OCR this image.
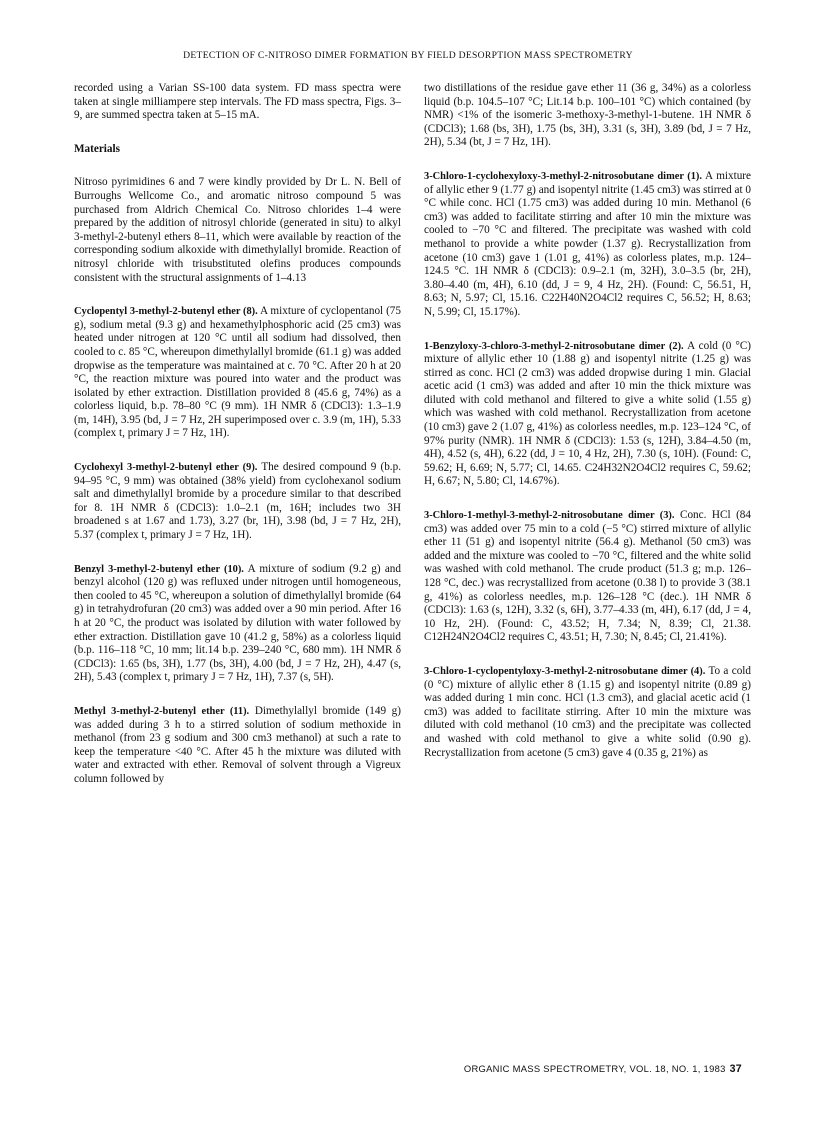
DETECTION OF C-NITROSO DIMER FORMATION BY FIELD DESORPTION MASS SPECTROMETRY

recorded using a Varian SS-100 data system. FD mass spectra were taken at single milliampere step intervals. The FD mass spectra, Figs. 3–9, are summed spectra taken at 5–15 mA.

Materials

Nitroso pyrimidines 6 and 7 were kindly provided by Dr L. N. Bell of Burroughs Wellcome Co., and aromatic nitroso compound 5 was purchased from Aldrich Chemical Co. Nitroso chlorides 1–4 were prepared by the addition of nitrosyl chloride (generated in situ) to alkyl 3-methyl-2-butenyl ethers 8–11, which were available by reaction of the corresponding sodium alkoxide with dimethylallyl bromide. Reaction of nitrosyl chloride with trisubstituted olefins produces compounds consistent with the structural assignments of 1–4.13

Cyclopentyl 3-methyl-2-butenyl ether (8). A mixture of cyclopentanol (75 g), sodium metal (9.3 g) and hexamethylphosphoric acid (25 cm3) was heated under nitrogen at 120 °C until all sodium had dissolved, then cooled to c. 85 °C, whereupon dimethylallyl bromide (61.1 g) was added dropwise as the temperature was maintained at c. 70 °C. After 20 h at 20 °C, the reaction mixture was poured into water and the product was isolated by ether extraction. Distillation provided 8 (45.6 g, 74%) as a colorless liquid, b.p. 78–80 °C (9 mm). 1H NMR δ (CDCl3): 1.3–1.9 (m, 14H), 3.95 (bd, J = 7 Hz, 2H superimposed over c. 3.9 (m, 1H), 5.33 (complex t, primary J = 7 Hz, 1H).

Cyclohexyl 3-methyl-2-butenyl ether (9). The desired compound 9 (b.p. 94–95 °C, 9 mm) was obtained (38% yield) from cyclohexanol sodium salt and dimethylallyl bromide by a procedure similar to that described for 8. 1H NMR δ (CDCl3): 1.0–2.1 (m, 16H; includes two 3H broadened s at 1.67 and 1.73), 3.27 (br, 1H), 3.98 (bd, J = 7 Hz, 2H), 5.37 (complex t, primary J = 7 Hz, 1H).

Benzyl 3-methyl-2-butenyl ether (10). A mixture of sodium (9.2 g) and benzyl alcohol (120 g) was refluxed under nitrogen until homogeneous, then cooled to 45 °C, whereupon a solution of dimethylallyl bromide (64 g) in tetrahydrofuran (20 cm3) was added over a 90 min period. After 16 h at 20 °C, the product was isolated by dilution with water followed by ether extraction. Distillation gave 10 (41.2 g, 58%) as a colorless liquid (b.p. 116–118 °C, 10 mm; lit.14 b.p. 239–240 °C, 680 mm). 1H NMR δ (CDCl3): 1.65 (bs, 3H), 1.77 (bs, 3H), 4.00 (bd, J = 7 Hz, 2H), 4.47 (s, 2H), 5.43 (complex t, primary J = 7 Hz, 1H), 7.37 (s, 5H).

Methyl 3-methyl-2-butenyl ether (11). Dimethylallyl bromide (149 g) was added during 3 h to a stirred solution of sodium methoxide in methanol (from 23 g sodium and 300 cm3 methanol) at such a rate to keep the temperature <40 °C. After 45 h the mixture was diluted with water and extracted with ether. Removal of solvent through a Vigreux column followed by

two distillations of the residue gave ether 11 (36 g, 34%) as a colorless liquid (b.p. 104.5–107 °C; Lit.14 b.p. 100–101 °C) which contained (by NMR) <1% of the isomeric 3-methoxy-3-methyl-1-butene. 1H NMR δ (CDCl3); 1.68 (bs, 3H), 1.75 (bs, 3H), 3.31 (s, 3H), 3.89 (bd, J = 7 Hz, 2H), 5.34 (bt, J = 7 Hz, 1H).

3-Chloro-1-cyclohexyloxy-3-methyl-2-nitrosobutane dimer (1). A mixture of allylic ether 9 (1.77 g) and isopentyl nitrite (1.45 cm3) was stirred at 0 °C while conc. HCl (1.75 cm3) was added during 10 min. Methanol (6 cm3) was added to facilitate stirring and after 10 min the mixture was cooled to −70 °C and filtered. The precipitate was washed with cold methanol to provide a white powder (1.37 g). Recrystallization from acetone (10 cm3) gave 1 (1.01 g, 41%) as colorless plates, m.p. 124–124.5 °C. 1H NMR δ (CDCl3): 0.9–2.1 (m, 32H), 3.0–3.5 (br, 2H), 3.80–4.40 (m, 4H), 6.10 (dd, J = 9, 4 Hz, 2H). (Found: C, 56.51, H, 8.63; N, 5.97; Cl, 15.16. C22H40N2O4Cl2 requires C, 56.52; H, 8.63; N, 5.99; Cl, 15.17%).

1-Benzyloxy-3-chloro-3-methyl-2-nitrosobutane dimer (2). A cold (0 °C) mixture of allylic ether 10 (1.88 g) and isopentyl nitrite (1.25 g) was stirred as conc. HCl (2 cm3) was added dropwise during 1 min. Glacial acetic acid (1 cm3) was added and after 10 min the thick mixture was diluted with cold methanol and filtered to give a white solid (1.55 g) which was washed with cold methanol. Recrystallization from acetone (10 cm3) gave 2 (1.07 g, 41%) as colorless needles, m.p. 123–124 °C, of 97% purity (NMR). 1H NMR δ (CDCl3): 1.53 (s, 12H), 3.84–4.50 (m, 4H), 4.52 (s, 4H), 6.22 (dd, J = 10, 4 Hz, 2H), 7.30 (s, 10H). (Found: C, 59.62; H, 6.69; N, 5.77; Cl, 14.65. C24H32N2O4Cl2 requires C, 59.62; H, 6.67; N, 5.80; Cl, 14.67%).

3-Chloro-1-methyl-3-methyl-2-nitrosobutane dimer (3). Conc. HCl (84 cm3) was added over 75 min to a cold (−5 °C) stirred mixture of allylic ether 11 (51 g) and isopentyl nitrite (56.4 g). Methanol (50 cm3) was added and the mixture was cooled to −70 °C, filtered and the white solid was washed with cold methanol. The crude product (51.3 g; m.p. 126–128 °C, dec.) was recrystallized from acetone (0.38 l) to provide 3 (38.1 g, 41%) as colorless needles, m.p. 126–128 °C (dec.). 1H NMR δ (CDCl3): 1.63 (s, 12H), 3.32 (s, 6H), 3.77–4.33 (m, 4H), 6.17 (dd, J = 4, 10 Hz, 2H). (Found: C, 43.52; H, 7.34; N, 8.39; Cl, 21.38. C12H24N2O4Cl2 requires C, 43.51; H, 7.30; N, 8.45; Cl, 21.41%).

3-Chloro-1-cyclopentyloxy-3-methyl-2-nitrosobutane dimer (4). To a cold (0 °C) mixture of allylic ether 8 (1.15 g) and isopentyl nitrite (0.89 g) was added during 1 min conc. HCl (1.3 cm3), and glacial acetic acid (1 cm3) was added to facilitate stirring. After 10 min the mixture was diluted with cold methanol (10 cm3) and the precipitate was collected and washed with cold methanol to give a white solid (0.90 g). Recrystallization from acetone (5 cm3) gave 4 (0.35 g, 21%) as

ORGANIC MASS SPECTROMETRY, VOL. 18, NO. 1, 1983 37
